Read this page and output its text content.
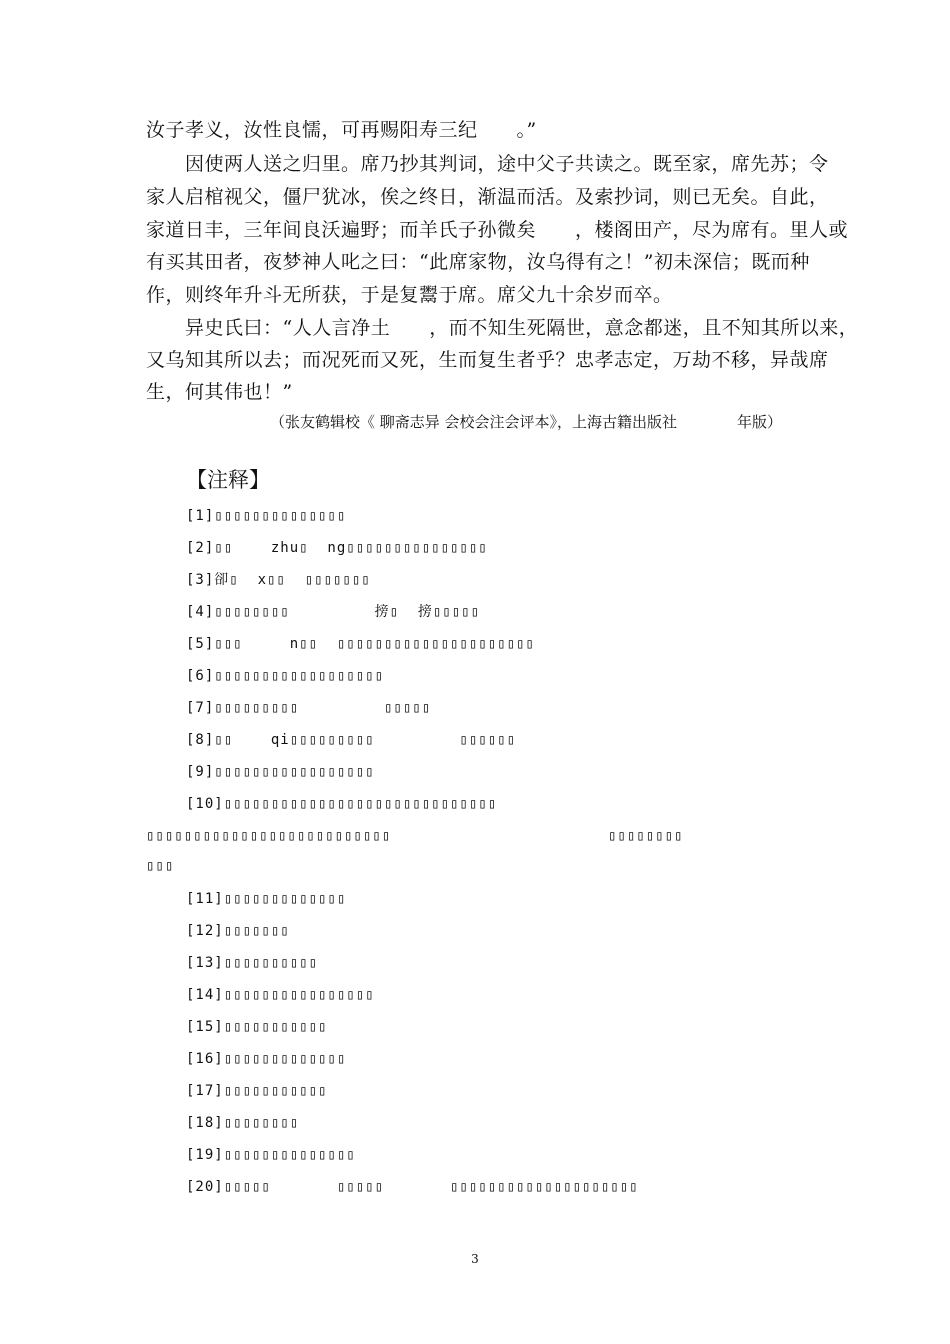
汝子孝义，汝性良懦，可再赐阳寿三纪　　。”
　　因使两人送之归里。席乃抄其判词，途中父子共读之。既至家，席先苏；令
家人启棺视父，僵尸犹冰，俟之终日，渐温而活。及索抄词，则已无矣。自此，
家道日丰，三年间良沃遍野；而羊氏子孙微矣　　，楼阁田产，尽为席有。里人或
有买其田者，夜梦神人叱之曰：“此席家物，汝乌得有之！”初未深信；既而种
作，则终年升斗无所获，于是复鬻于席。席父九十余岁而卒。
　　异史氏曰：“人人言净土　　，而不知生死隔世，意念都迷，且不知其所以来，
又乌知其所以去；而况死而又死，生而复生者乎？忠孝志定，万劫不移，异哉席
生，何其伟也！”
（张友鹤辑校《 聊斋志异 会校会注会评本》，上海古籍出版社　　　　年版）
【注释】
[1]▯▯▯▯▯▯▯▯▯▯▯▯▯▯
[2]▯▯    zhu▯  ng▯▯▯▯▯▯▯▯▯▯▯▯▯▯▯
[3]卻▯  x▯▯  ▯▯▯▯▯▯▯
[4]▯▯▯▯▯▯▯▯         搒▯  搒▯▯▯▯▯
[5]▯▯▯     n▯▯  ▯▯▯▯▯▯▯▯▯▯▯▯▯▯▯▯▯▯▯▯▯
[6]▯▯▯▯▯▯▯▯▯▯▯▯▯▯▯▯▯▯
[7]▯▯▯▯▯▯▯▯▯         ▯▯▯▯▯
[8]▯▯    qi▯▯▯▯▯▯▯▯▯         ▯▯▯▯▯▯
[9]▯▯▯▯▯▯▯▯▯▯▯▯▯▯▯▯▯
[10]▯▯▯▯▯▯▯▯▯▯▯▯▯▯▯▯▯▯▯▯▯▯▯▯▯▯▯▯▯
▯▯▯▯▯▯▯▯▯▯▯▯▯▯▯▯▯▯▯▯▯▯▯▯▯▯                       ▯▯▯▯▯▯▯▯
▯▯▯
[11]▯▯▯▯▯▯▯▯▯▯▯▯▯
[12]▯▯▯▯▯▯▯
[13]▯▯▯▯▯▯▯▯▯▯
[14]▯▯▯▯▯▯▯▯▯▯▯▯▯▯▯▯
[15]▯▯▯▯▯▯▯▯▯▯▯
[16]▯▯▯▯▯▯▯▯▯▯▯▯▯
[17]▯▯▯▯▯▯▯▯▯▯▯
[18]▯▯▯▯▯▯▯▯
[19]▯▯▯▯▯▯▯▯▯▯▯▯▯▯
[20]▯▯▯▯▯       ▯▯▯▯▯       ▯▯▯▯▯▯▯▯▯▯▯▯▯▯▯▯▯▯▯▯
3
